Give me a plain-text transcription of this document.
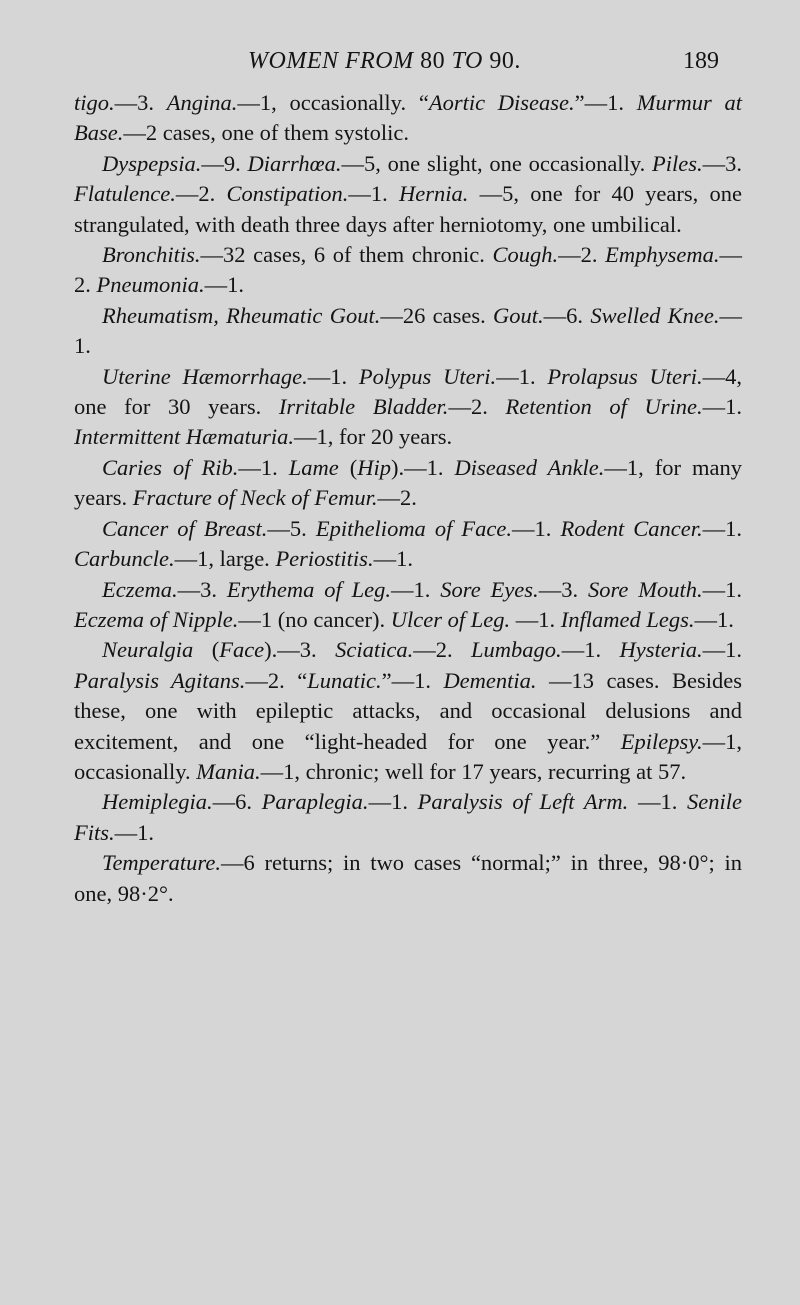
WOMEN FROM 80 TO 90.	189

tigo.—3. Angina.—1, occasionally. “Aortic Disease.”—1. Murmur at Base.—2 cases, one of them systolic.

Dyspepsia.—9. Diarrhœa.—5, one slight, one occasionally. Piles.—3. Flatulence.—2. Constipation.—1. Hernia. —5, one for 40 years, one strangulated, with death three days after herniotomy, one umbilical.

Bronchitis.—32 cases, 6 of them chronic. Cough.—2. Emphysema.—2. Pneumonia.—1.

Rheumatism, Rheumatic Gout.—26 cases. Gout.—6. Swelled Knee.—1.

Uterine Hæmorrhage.—1. Polypus Uteri.—1. Prolapsus Uteri.—4, one for 30 years. Irritable Bladder.—2. Retention of Urine.—1. Intermittent Hæmaturia.—1, for 20 years.

Caries of Rib.—1. Lame (Hip).—1. Diseased Ankle.—1, for many years. Fracture of Neck of Femur.—2.

Cancer of Breast.—5. Epithelioma of Face.—1. Rodent Cancer.—1. Carbuncle.—1, large. Periostitis.—1.

Eczema.—3. Erythema of Leg.—1. Sore Eyes.—3. Sore Mouth.—1. Eczema of Nipple.—1 (no cancer). Ulcer of Leg. —1. Inflamed Legs.—1.

Neuralgia (Face).—3. Sciatica.—2. Lumbago.—1. Hysteria.—1. Paralysis Agitans.—2. “Lunatic.”—1. Dementia. —13 cases. Besides these, one with epileptic attacks, and occasional delusions and excitement, and one “light-headed for one year.” Epilepsy.—1, occasionally. Mania.—1, chronic; well for 17 years, recurring at 57.

Hemiplegia.—6. Paraplegia.—1. Paralysis of Left Arm. —1. Senile Fits.—1.

Temperature.—6 returns; in two cases “normal;” in three, 98·0°; in one, 98·2°.
